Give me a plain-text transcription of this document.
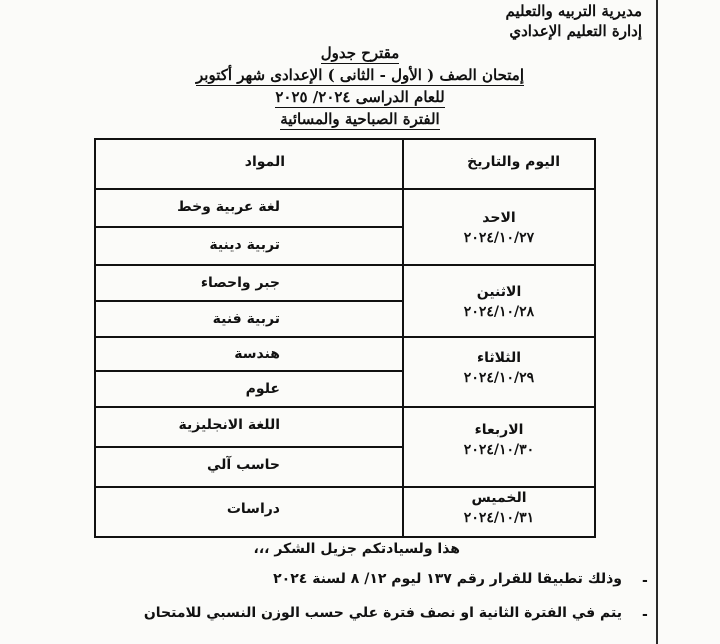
مديرية التربيه والتعليم
إدارة التعليم الإعدادي
مقترح جدول
إمتحان الصف ( الأول - الثانى ) الإعدادى شهر أكتوبر
للعام الدراسى ٢٠٢٤/ ٢٠٢٥
الفترة الصباحية والمسائية
اليوم والتاريخ
المواد
لغة عربية وخط
تربية دينية
جبر واحصاء
تربية فنية
هندسة
علوم
اللغة الانجليزية
حاسب آلي
دراسات
الاحد
٢٠٢٤/١٠/٢٧
الاثنين
٢٠٢٤/١٠/٢٨
الثلاثاء
٢٠٢٤/١٠/٢٩
الاربعاء
٢٠٢٤/١٠/٣٠
الخميس
٢٠٢٤/١٠/٣١
هذا ولسيادتكم جزيل الشكر ،،،
-
وذلك تطبيقا للقرار رقم ١٣٧ ليوم ١٢/ ٨ لسنة ٢٠٢٤
-
يتم في الفترة الثانية او نصف فترة علي حسب الوزن النسبي للامتحان
